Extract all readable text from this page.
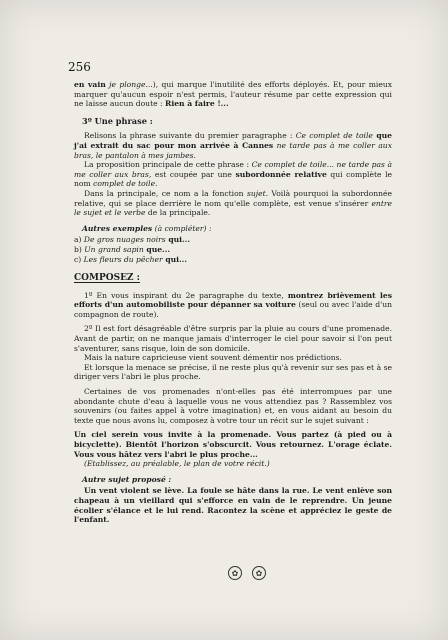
256

en vain je plonge...), qui marque l'inutilité des efforts déployés. Et, pour mieux marquer qu'aucun espoir n'est permis, l'auteur résume par cette expression qui ne laisse aucun doute : Rien à faire !...

3º Une phrase :

Relisons la phrase suivante du premier paragraphe : Ce complet de toile que j'ai extrait du sac pour mon arrivée à Cannes ne tarde pas à me coller aux bras, le pantalon à mes jambes.

La proposition principale de cette phrase : Ce complet de toile... ne tarde pas à me coller aux bras, est coupée par une subordonnée relative qui complète le nom complet de toile.

Dans la principale, ce nom a la fonction sujet. Voilà pourquoi la subordonnée relative, qui se place derrière le nom qu'elle complète, est venue s'insérer entre le sujet et le verbe de la principale.

Autres exemples (à compléter) :

a) De gros nuages noirs qui...

b) Un grand sapin que...

c) Les fleurs du pêcher qui...

COMPOSEZ :

1º En vous inspirant du 2e paragraphe du texte, montrez brièvement les efforts d'un automobiliste pour dépanner sa voiture (seul ou avec l'aide d'un compagnon de route).

2º Il est fort désagréable d'être surpris par la pluie au cours d'une promenade. Avant de partir, on ne manque jamais d'interroger le ciel pour savoir si l'on peut s'aventurer, sans risque, loin de son domicile.

Mais la nature capricieuse vient souvent démentir nos prédictions.

Et lorsque la menace se précise, il ne reste plus qu'à revenir sur ses pas et à se diriger vers l'abri le plus proche.

Certaines de vos promenades n'ont-elles pas été interrompues par une abondante chute d'eau à laquelle vous ne vous attendiez pas ? Rassemblez vos souvenirs (ou faites appel à votre imagination) et, en vous aidant au besoin du texte que nous avons lu, composez à votre tour un récit sur le sujet suivant :

Un ciel serein vous invite à la promenade. Vous partez (à pied ou à bicyclette). Bientôt l'horizon s'obscurcit. Vous retournez. L'orage éclate. Vous vous hâtez vers l'abri le plus proche...

(Etablissez, au préalable, le plan de votre récit.)

Autre sujet proposé :

Un vent violent se lève. La foule se hâte dans la rue. Le vent enlève son chapeau à un vieillard qui s'efforce en vain de le reprendre. Un jeune écolier s'élance et le lui rend. Racontez la scène et appréciez le geste de l'enfant.

✿	✿
